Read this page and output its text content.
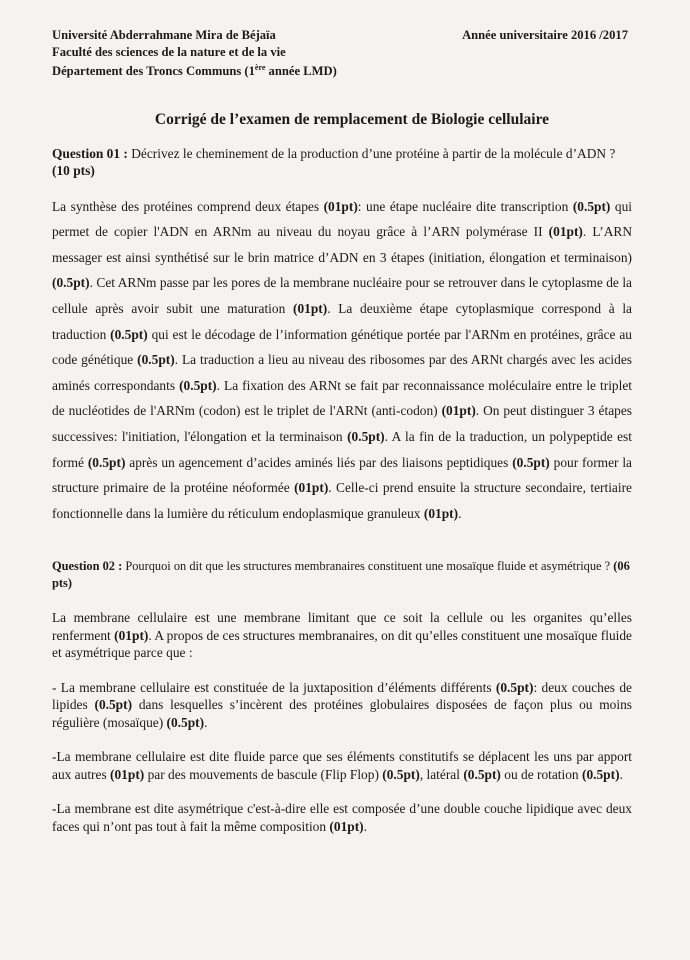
Université Abderrahmane Mira de Béjaïa
Faculté des sciences de la nature et de la vie
Département des Troncs Communs (1ère année LMD)
Année universitaire 2016 /2017
Corrigé de l’examen de remplacement de Biologie cellulaire
Question 01 : Décrivez le cheminement de la production d’une protéine à partir de la molécule d’ADN ? (10 pts)
La synthèse des protéines comprend deux étapes (01pt): une étape nucléaire dite transcription (0.5pt) qui permet de copier l'ADN en ARNm au niveau du noyau grâce à l’ARN polymérase II (01pt). L’ARN messager est ainsi synthétisé sur le brin matrice d’ADN en 3 étapes (initiation, élongation et terminaison) (0.5pt). Cet ARNm passe par les pores de la membrane nucléaire pour se retrouver dans le cytoplasme de la cellule après avoir subit une maturation (01pt). La deuxième étape cytoplasmique correspond à la traduction (0.5pt) qui est le décodage de l’information génétique portée par l'ARNm en protéines, grâce au code génétique (0.5pt). La traduction a lieu au niveau des ribosomes par des ARNt chargés avec les acides aminés correspondants (0.5pt). La fixation des ARNt se fait par reconnaissance moléculaire entre le triplet de nucléotides de l'ARNm (codon) est le triplet de l'ARNt (anti-codon) (01pt). On peut distinguer 3 étapes successives: l'initiation, l'élongation et la terminaison (0.5pt). A la fin de la traduction, un polypeptide est formé (0.5pt) après un agencement d’acides aminés liés par des liaisons peptidiques (0.5pt) pour former la structure primaire de la protéine néoformée (01pt). Celle-ci prend ensuite la structure secondaire, tertiaire fonctionnelle dans la lumière du réticulum endoplasmique granuleux (01pt).
Question 02 : Pourquoi on dit que les structures membranaires constituent une mosaïque fluide et asymétrique ? (06 pts)
La membrane cellulaire est une membrane limitant que ce soit la cellule ou les organites qu’elles renferment (01pt). A propos de ces structures membranaires, on dit qu’elles constituent une mosaïque fluide et asymétrique parce que :
- La membrane cellulaire est constituée de la juxtaposition d’éléments différents (0.5pt): deux couches de lipides (0.5pt) dans lesquelles s’incèrent des protéines globulaires disposées de façon plus ou moins régulière (mosaïque) (0.5pt).
-La membrane cellulaire est dite fluide parce que ses éléments constitutifs se déplacent les uns par apport aux autres (01pt) par des mouvements de bascule (Flip Flop) (0.5pt), latéral (0.5pt) ou de rotation (0.5pt).
-La membrane est dite asymétrique c'est-à-dire elle est composée d’une double couche lipidique avec deux faces qui n’ont pas tout à fait la même composition (01pt).
